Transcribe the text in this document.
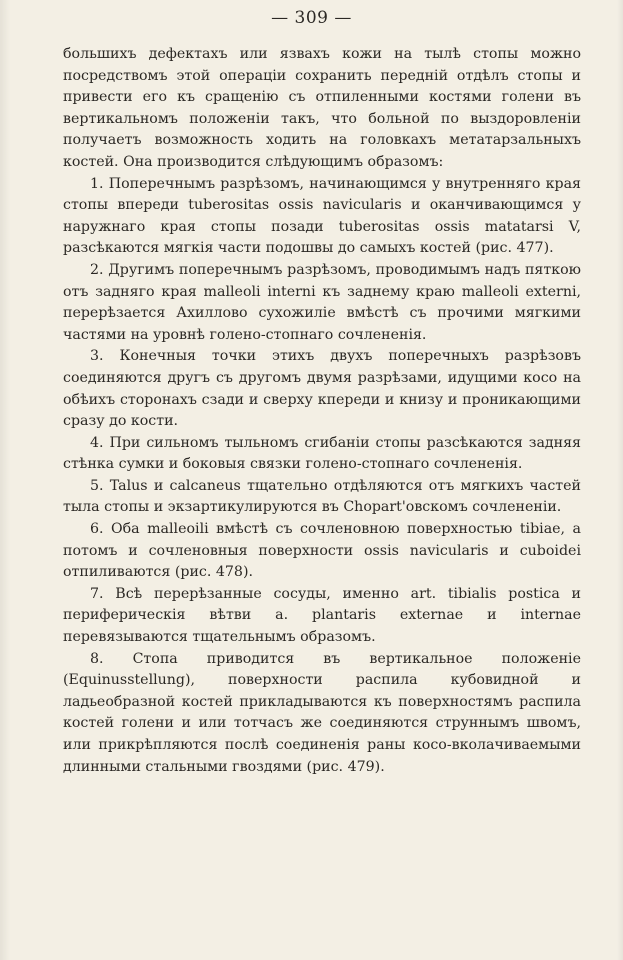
— 309 —

большихъ дефектахъ или язвахъ кожи на тылѣ стопы можно посредствомъ этой операціи сохранить передній отдѣлъ стопы и привести его къ сращенію съ отпиленными костями голени въ вертикальномъ положеніи такъ, что больной по выздоровленіи получаетъ возможность ходить на головкахъ метатарзальныхъ костей. Она производится слѣдующимъ образомъ:

1. Поперечнымъ разрѣзомъ, начинающимся у внутренняго края стопы впереди tuberositas ossis navicularis и оканчивающимся у наружнаго края стопы позади tuberositas ossis matatarsi V, разсѣкаются мягкія части подошвы до самыхъ костей (рис. 477).

2. Другимъ поперечнымъ разрѣзомъ, проводимымъ надъ пяткою отъ задняго края malleoli interni къ заднему краю malleoli externi, перерѣзается Ахиллово сухожиліе вмѣстѣ съ прочими мягкими частями на уровнѣ голено-стопнаго сочлененія.

3. Конечныя точки этихъ двухъ поперечныхъ разрѣзовъ соединяются другъ съ другомъ двумя разрѣзами, идущими косо на обѣихъ сторонахъ сзади и сверху кпереди и книзу и проникающими сразу до кости.

4. При сильномъ тыльномъ сгибаніи стопы разсѣкаются задняя стѣнка сумки и боковыя связки голено-стопнаго сочлененія.

5. Talus и calcaneus тщательно отдѣляются отъ мягкихъ частей тыла стопы и экзартикулируются въ Chopart'овскомъ сочлененіи.

6. Оба malleoili вмѣстѣ съ сочленовною поверхностью tibiae, а потомъ и сочленовныя поверхности ossis navicularis и cuboidei отпиливаются (рис. 478).

7. Всѣ перерѣзанные сосуды, именно art. tibialis postica и периферическія вѣтви a. plantaris externae и internae перевязываются тщательнымъ образомъ.

8. Стопа приводится въ вертикальное положеніе (Equinusstellung), поверхности распила кубовидной и ладьеобразной костей прикладываются къ поверхностямъ распила костей голени и или тотчасъ же соединяются струннымъ швомъ, или прикрѣпляются послѣ соединенія раны косо-вколачиваемыми длинными стальными гвоздями (рис. 479).
